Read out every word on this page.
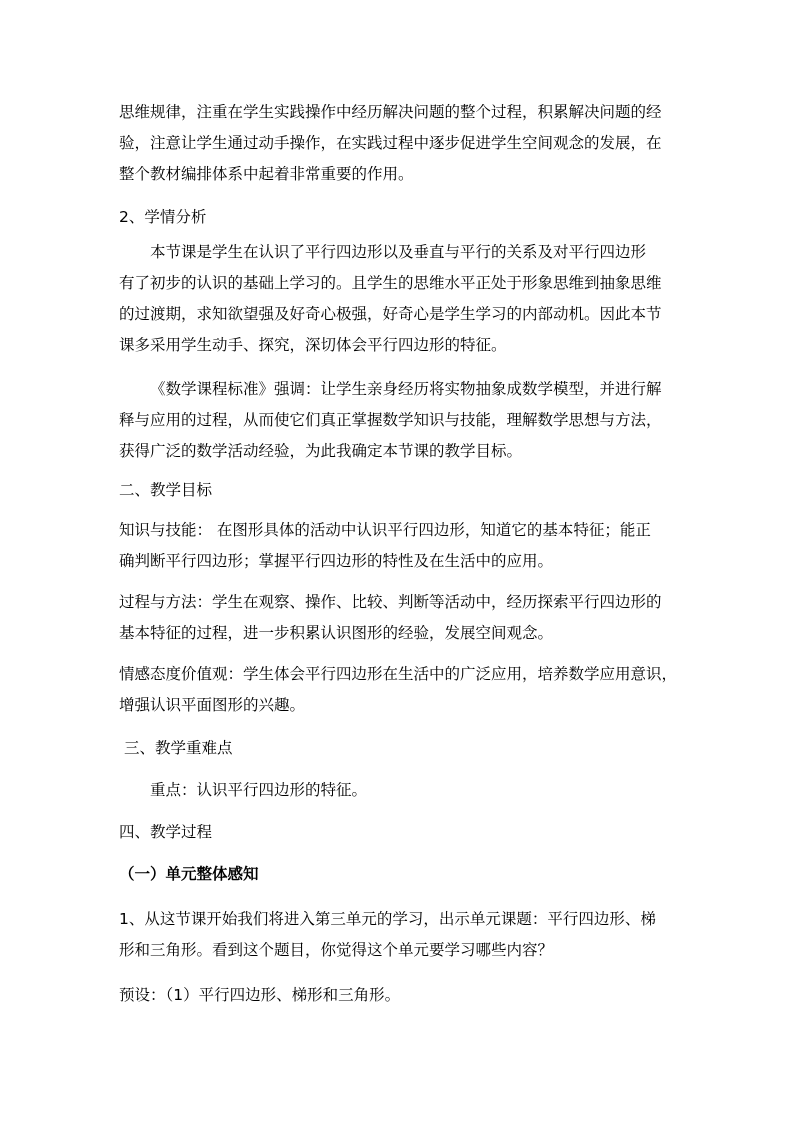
思维规律，注重在学生实践操作中经历解决问题的整个过程，积累解决问题的经
验，注意让学生通过动手操作，在实践过程中逐步促进学生空间观念的发展，在
整个教材编排体系中起着非常重要的作用。
2、学情分析
本节课是学生在认识了平行四边形以及垂直与平行的关系及对平行四边形
有了初步的认识的基础上学习的。且学生的思维水平正处于形象思维到抽象思维
的过渡期，求知欲望强及好奇心极强，好奇心是学生学习的内部动机。因此本节
课多采用学生动手、探究，深切体会平行四边形的特征。
《数学课程标准》强调：让学生亲身经历将实物抽象成数学模型，并进行解
释与应用的过程，从而使它们真正掌握数学知识与技能，理解数学思想与方法，
获得广泛的数学活动经验，为此我确定本节课的教学目标。
二、教学目标
知识与技能： 在图形具体的活动中认识平行四边形，知道它的基本特征；能正
确判断平行四边形；掌握平行四边形的特性及在生活中的应用。
过程与方法：学生在观察、操作、比较、判断等活动中，经历探索平行四边形的
基本特征的过程，进一步积累认识图形的经验，发展空间观念。
情感态度价值观：学生体会平行四边形在生活中的广泛应用，培养数学应用意识，
增强认识平面图形的兴趣。
三、教学重难点
重点：认识平行四边形的特征。
四、教学过程
（一）单元整体感知
1、从这节课开始我们将进入第三单元的学习，出示单元课题：平行四边形、梯
形和三角形。看到这个题目，你觉得这个单元要学习哪些内容？
预设：（1）平行四边形、梯形和三角形。
